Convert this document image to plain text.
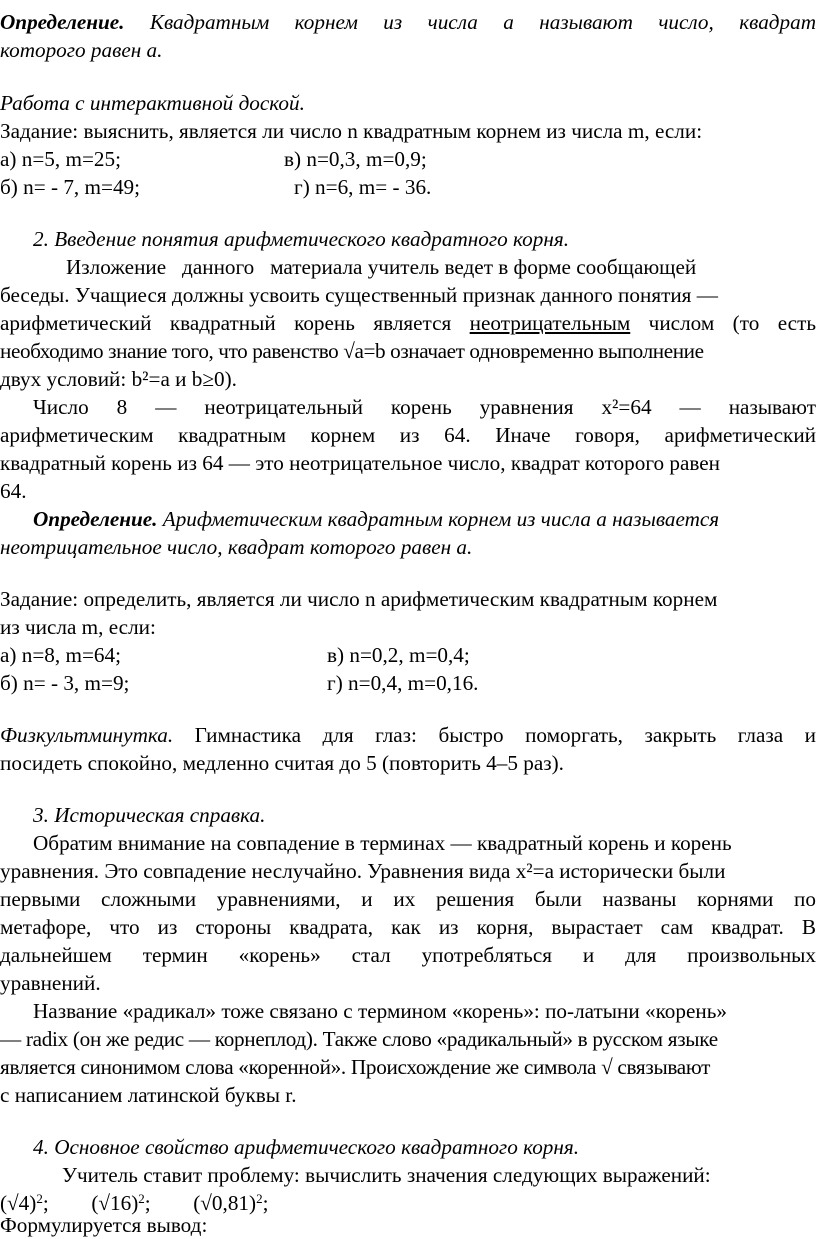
Определение. Квадратным корнем из числа а называют число, квадрат
которого равен а.
Работа с интерактивной доской.
Задание: выяснить, является ли число n квадратным корнем из числа m, если:
а) n=5, m=25;	в) n=0,3, m=0,9;
б) n= - 7, m=49;	г) n=6, m= - 36.
2. Введение понятия арифметического квадратного корня.
Изложение   данного   материала учитель ведет в форме сообщающей
беседы. Учащиеся должны усвоить существенный признак данного понятия —
арифметический квадратный корень является неотрицательным числом (то есть
необходимо знание того, что равенство √a=b означает одновременно выполнение
двух условий: b²=a и b≥0).
Число 8 — неотрицательный корень уравнения x²=64 — называют
арифметическим квадратным корнем из 64. Иначе говоря, арифметический
квадратный корень из 64 — это неотрицательное число, квадрат которого равен
64.
Определение. Арифметическим квадратным корнем из числа а называется
неотрицательное число, квадрат которого равен а.
Задание: определить, является ли число n арифметическим квадратным корнем
из числа m, если:
а) n=8, m=64;	в) n=0,2, m=0,4;
б) n= - 3, m=9;	г) n=0,4, m=0,16.
Физкультминутка. Гимнастика для глаз: быстро поморгать, закрыть глаза и
посидеть спокойно, медленно считая до 5 (повторить 4–5 раз).
3. Историческая справка.
Обратим внимание на совпадение в терминах — квадратный корень и корень
уравнения. Это совпадение неслучайно. Уравнения вида x²=a исторически были
первыми сложными уравнениями, и их решения были названы корнями по
метафоре, что из стороны квадрата, как из корня, вырастает сам квадрат. В
дальнейшем термин «корень» стал употребляться и для произвольных
уравнений.
Название «радикал» тоже связано с термином «корень»: по-латыни «корень»
— radix (он же редис — корнеплод). Также слово «радикальный» в русском языке
является синонимом слова «коренной». Происхождение же символа √ связывают
с написанием латинской буквы r.
4. Основное свойство арифметического квадратного корня.
Учитель ставит проблему: вычислить значения следующих выражений:
$(√4)^2$; $(√16)^2$; $(√0,81)^2$;
Формулируется вывод:
